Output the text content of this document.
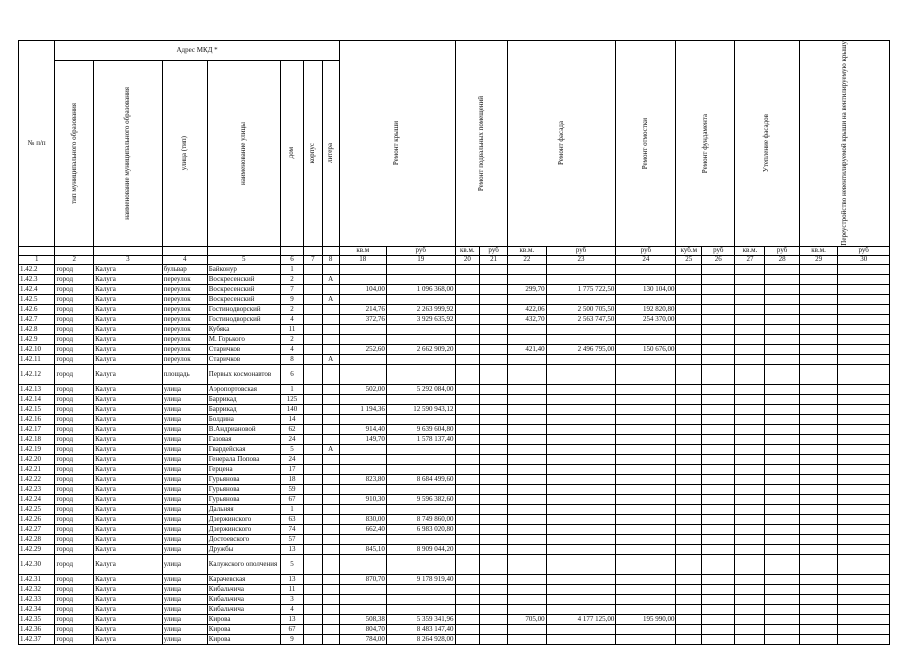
№ п/п	Адрес МКД *							Ремонт крыши		Ремонт подвальных помещений		Ремонт фасада		Ремонт отмостки	Ремонт фундамента		Утепление фасадов		Переустройство невентилируемой крыши на вентилируемую крышу	

	тип муниципального образования	наименование муниципального образования	улица (тип)	наименование улицы	дом	корпус	литера													

								кв.м	руб	кв.м.	руб	кв.м.	руб	руб	куб.м	руб	кв.м.	руб	кв.м.	руб
1	2	3	4	5	6	7	8	18	19	20	21	22	23	24	25	26	27	28	29	30
1.42.2	город	Калуга	бульвар	Байконур	1															
1.42.3	город	Калуга	переулок	Воскресенский	2		А													
1.42.4	город	Калуга	переулок	Воскресенский	7			104,00	1 096 368,00			299,70	1 775 722,50	130 104,00						
1.42.5	город	Калуга	переулок	Воскресенский	9		А													
1.42.6	город	Калуга	переулок	Гостинодворский	2			214,76	2 263 999,92			422,06	2 500 705,50	192 820,80						
1.42.7	город	Калуга	переулок	Гостинодворский	4			372,76	3 929 635,92			432,70	2 563 747,50	254 370,00						
1.42.8	город	Калуга	переулок	Кубяка	11															
1.42.9	город	Калуга	переулок	М. Горького	2															
1.42.10	город	Калуга	переулок	Старичков	4			252,60	2 662 909,20			421,40	2 496 795,00	150 676,00						
1.42.11	город	Калуга	переулок	Старичков	8		А													
1.42.12	город	Калуга	площадь	Первых космонавтов	6															
1.42.13	город	Калуга	улица	Аэропортовская	1			502,00	5 292 084,00											
1.42.14	город	Калуга	улица	Баррикад	125															
1.42.15	город	Калуга	улица	Баррикад	140			1 194,36	12 590 943,12											
1.42.16	город	Калуга	улица	Болдина	14															
1.42.17	город	Калуга	улица	В.Андриановой	62			914,40	9 639 604,80											
1.42.18	город	Калуга	улица	Газовая	24			149,70	1 578 137,40											
1.42.19	город	Калуга	улица	Гвардейская	5		А													
1.42.20	город	Калуга	улица	Генерала Попова	24															
1.42.21	город	Калуга	улица	Герцена	17															
1.42.22	город	Калуга	улица	Гурьянова	18			823,80	8 684 499,60											
1.42.23	город	Калуга	улица	Гурьянова	59															
1.42.24	город	Калуга	улица	Гурьянова	67			910,30	9 596 382,60											
1.42.25	город	Калуга	улица	Дальняя	1															
1.42.26	город	Калуга	улица	Дзержинского	63			830,00	8 749 860,00											
1.42.27	город	Калуга	улица	Дзержинского	74			662,40	6 983 020,80											
1.42.28	город	Калуга	улица	Достоевского	57															
1.42.29	город	Калуга	улица	Дружбы	13			845,10	8 909 044,20											
1.42.30	город	Калуга	улица	Калужского ополчения	5															
1.42.31	город	Калуга	улица	Карачевская	13			870,70	9 178 919,40											
1.42.32	город	Калуга	улица	Кибальчича	11															
1.42.33	город	Калуга	улица	Кибальчича	3															
1.42.34	город	Калуга	улица	Кибальчича	4															
1.42.35	город	Калуга	улица	Кирова	13			508,38	5 359 341,96			705,00	4 177 125,00	195 990,00						
1.42.36	город	Калуга	улица	Кирова	67			804,70	8 483 147,40											
1.42.37	город	Калуга	улица	Кирова	9			784,00	8 264 928,00											
